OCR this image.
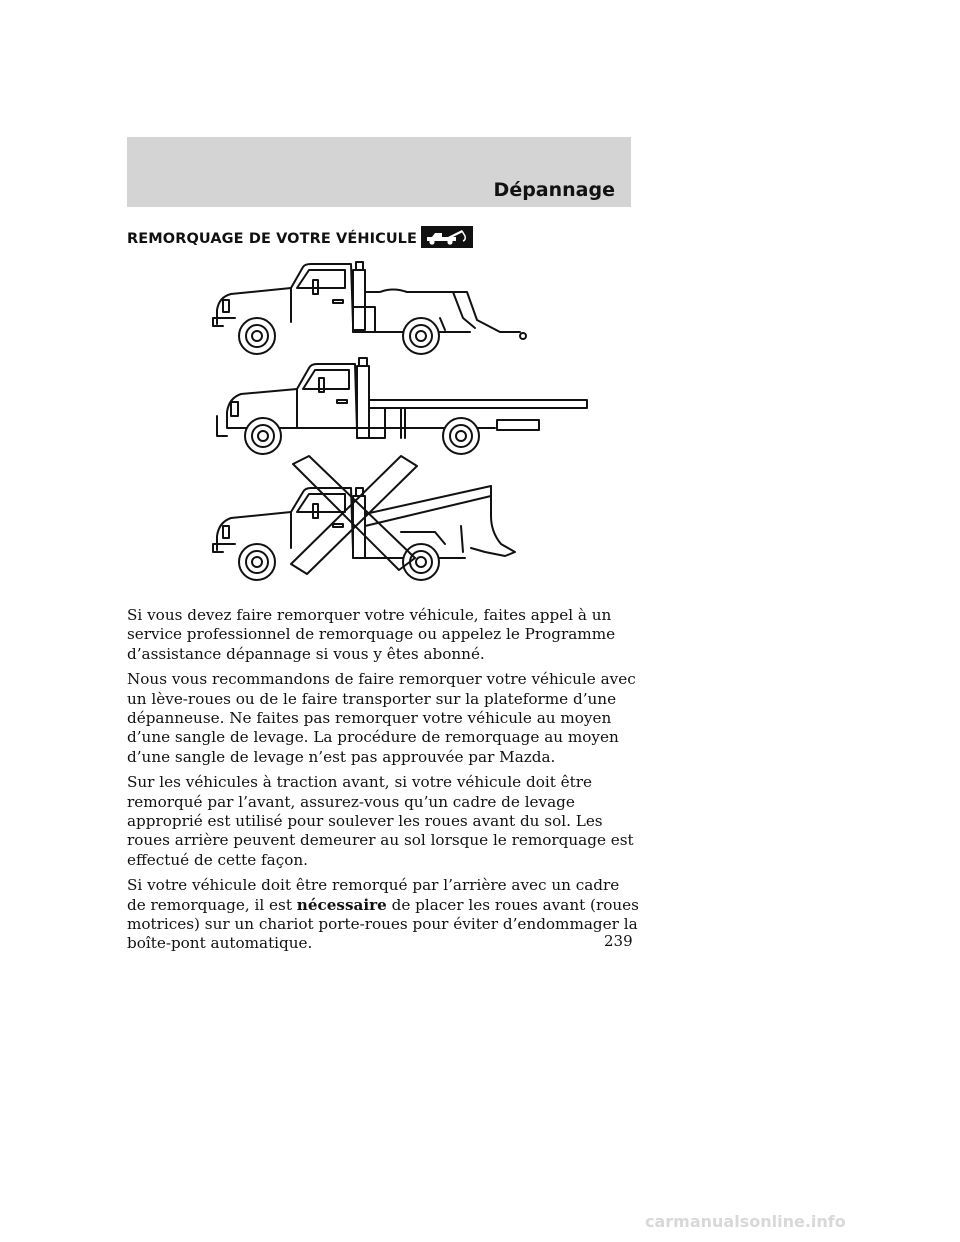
Dépannage
REMORQUAGE DE VOTRE VÉHICULE

Si vous devez faire remorquer votre véhicule, faites appel à un service professionnel de remorquage ou appelez le Programme d’assistance dépannage si vous y êtes abonné.

Nous vous recommandons de faire remorquer votre véhicule avec un lève-roues ou de le faire transporter sur la plateforme d’une dépanneuse. Ne faites pas remorquer votre véhicule au moyen d’une sangle de levage. La procédure de remorquage au moyen d’une sangle de levage n’est pas approuvée par Mazda.

Sur les véhicules à traction avant, si votre véhicule doit être remorqué par l’avant, assurez-vous qu’un cadre de levage approprié est utilisé pour soulever les roues avant du sol. Les roues arrière peuvent demeurer au sol lorsque le remorquage est effectué de cette façon.

Si votre véhicule doit être remorqué par l’arrière avec un cadre de remorquage, il est nécessaire de placer les roues avant (roues motrices) sur un chariot porte-roues pour éviter d’endommager la boîte-pont automatique.	239
carmanualsonline.info
